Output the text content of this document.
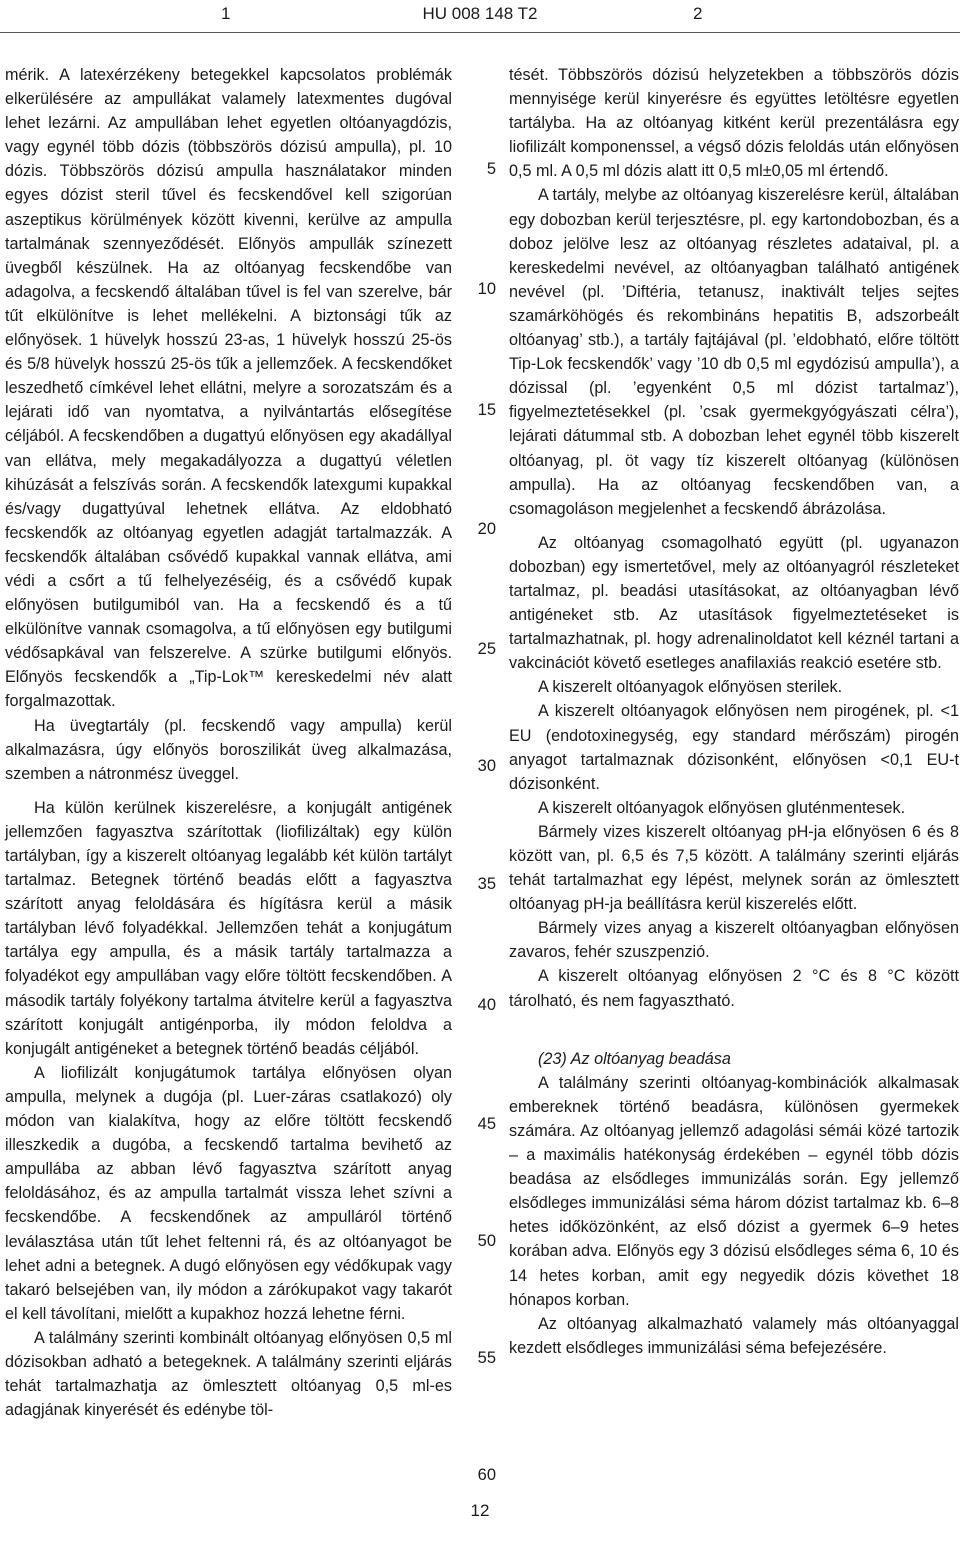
1	HU 008 148 T2	2

mérik. A latexérzékeny betegekkel kapcsolatos problémák elkerülésére az ampullákat valamely latexmentes dugóval lehet lezárni. Az ampullában lehet egyetlen oltóanyagdózis, vagy egynél több dózis (többszörös dózisú ampulla), pl. 10 dózis. Többszörös dózisú ampulla használatakor minden egyes dózist steril tűvel és fecskendővel kell szigorúan aszeptikus körülmények között kivenni, kerülve az ampulla tartalmának szennyeződését. Előnyös ampullák színezett üvegből készülnek. Ha az oltóanyag fecskendőbe van adagolva, a fecskendő általában tűvel is fel van szerelve, bár tűt elkülönítve is lehet mellékelni. A biztonsági tűk az előnyösek. 1 hüvelyk hosszú 23-as, 1 hüvelyk hosszú 25-ös és 5/8 hüvelyk hosszú 25-ös tűk a jellemzőek. A fecskendőket leszedhető címkével lehet ellátni, melyre a sorozatszám és a lejárati idő van nyomtatva, a nyilvántartás elősegítése céljából. A fecskendőben a dugattyú előnyösen egy akadállyal van ellátva, mely megakadályozza a dugattyú véletlen kihúzását a felszívás során. A fecskendők latexgumi kupakkal és/vagy dugattyúval lehetnek ellátva. Az eldobható fecskendők az oltóanyag egyetlen adagját tartalmazzák. A fecskendők általában csővédő kupakkal vannak ellátva, ami védi a csőrt a tű felhelyezéséig, és a csővédő kupak előnyösen butilgumiból van. Ha a fecskendő és a tű elkülönítve vannak csomagolva, a tű előnyösen egy butilgumi védősapkával van felszerelve. A szürke butilgumi előnyös. Előnyös fecskendők a „Tip-Lok™ kereskedelmi név alatt forgalmazottak.

Ha üvegtartály (pl. fecskendő vagy ampulla) kerül alkalmazásra, úgy előnyös boroszilikát üveg alkalmazása, szemben a nátronmész üveggel.

Ha külön kerülnek kiszerelésre, a konjugált antigének jellemzően fagyasztva szárítottak (liofilizáltak) egy külön tartályban, így a kiszerelt oltóanyag legalább két külön tartályt tartalmaz. Betegnek történő beadás előtt a fagyasztva szárított anyag feloldására és hígításra kerül a másik tartályban lévő folyadékkal. Jellemzően tehát a konjugátum tartálya egy ampulla, és a másik tartály tartalmazza a folyadékot egy ampullában vagy előre töltött fecskendőben. A második tartály folyékony tartalma átvitelre kerül a fagyasztva szárított konjugált antigénporba, ily módon feloldva a konjugált antigéneket a betegnek történő beadás céljából.

A liofilizált konjugátumok tartálya előnyösen olyan ampulla, melynek a dugója (pl. Luer-záras csatlakozó) oly módon van kialakítva, hogy az előre töltött fecskendő illeszkedik a dugóba, a fecskendő tartalma bevihető az ampullába az abban lévő fagyasztva szárított anyag feloldásához, és az ampulla tartalmát vissza lehet szívni a fecskendőbe. A fecskendőnek az ampulláról történő leválasztása után tűt lehet feltenni rá, és az oltóanyagot be lehet adni a betegnek. A dugó előnyösen egy védőkupak vagy takaró belsejében van, ily módon a zárókupakot vagy takarót el kell távolítani, mielőtt a kupakhoz hozzá lehetne férni.

A találmány szerinti kombinált oltóanyag előnyösen 0,5 ml dózisokban adható a betegeknek. A találmány szerinti eljárás tehát tartalmazhatja az ömlesztett oltóanyag 0,5 ml-es adagjának kinyerését és edénybe töl-

tését. Többszörös dózisú helyzetekben a többszörös dózis mennyisége kerül kinyerésre és együttes letöltésre egyetlen tartályba. Ha az oltóanyag kitként kerül prezentálásra egy liofilizált komponenssel, a végső dózis feloldás után előnyösen 0,5 ml. A 0,5 ml dózis alatt itt 0,5 ml±0,05 ml értendő.

A tartály, melybe az oltóanyag kiszerelésre kerül, általában egy dobozban kerül terjesztésre, pl. egy kartondobozban, és a doboz jelölve lesz az oltóanyag részletes adataival, pl. a kereskedelmi nevével, az oltóanyagban található antigének nevével (pl. ’Diftéria, tetanusz, inaktivált teljes sejtes szamárköhögés és rekombináns hepatitis B, adszorbeált oltóanyag’ stb.), a tartály fajtájával (pl. ’eldobható, előre töltött Tip-Lok fecskendők’ vagy ’10 db 0,5 ml egydózisú ampulla’), a dózissal (pl. ’egyenként 0,5 ml dózist tartalmaz’), figyelmeztetésekkel (pl. ’csak gyermekgyógyászati célra’), lejárati dátummal stb. A dobozban lehet egynél több kiszerelt oltóanyag, pl. öt vagy tíz kiszerelt oltóanyag (különösen ampulla). Ha az oltóanyag fecskendőben van, a csomagoláson megjelenhet a fecskendő ábrázolása.

Az oltóanyag csomagolható együtt (pl. ugyanazon dobozban) egy ismertetővel, mely az oltóanyagról részleteket tartalmaz, pl. beadási utasításokat, az oltóanyagban lévő antigéneket stb. Az utasítások figyelmeztetéseket is tartalmazhatnak, pl. hogy adrenalinoldatot kell kéznél tartani a vakcinációt követő esetleges anafilaxiás reakció esetére stb.

A kiszerelt oltóanyagok előnyösen sterilek.

A kiszerelt oltóanyagok előnyösen nem pirogének, pl. <1 EU (endotoxinegység, egy standard mérőszám) pirogén anyagot tartalmaznak dózisonként, előnyösen <0,1 EU-t dózisonként.

A kiszerelt oltóanyagok előnyösen gluténmentesek.

Bármely vizes kiszerelt oltóanyag pH-ja előnyösen 6 és 8 között van, pl. 6,5 és 7,5 között. A találmány szerinti eljárás tehát tartalmazhat egy lépést, melynek során az ömlesztett oltóanyag pH-ja beállításra kerül kiszerelés előtt.

Bármely vizes anyag a kiszerelt oltóanyagban előnyösen zavaros, fehér szuszpenzió.

A kiszerelt oltóanyag előnyösen 2 °C és 8 °C között tárolható, és nem fagyasztható.

(23) Az oltóanyag beadása

A találmány szerinti oltóanyag-kombinációk alkalmasak embereknek történő beadásra, különösen gyermekek számára. Az oltóanyag jellemző adagolási sémái közé tartozik – a maximális hatékonyság érdekében – egynél több dózis beadása az elsődleges immunizálás során. Egy jellemző elsődleges immunizálási séma három dózist tartalmaz kb. 6–8 hetes időközönként, az első dózist a gyermek 6–9 hetes korában adva. Előnyös egy 3 dózisú elsődleges séma 6, 10 és 14 hetes korban, amit egy negyedik dózis követhet 18 hónapos korban.

Az oltóanyag alkalmazható valamely más oltóanyaggal kezdett elsődleges immunizálási séma befejezésére.

5
10
15
20
25
30
35
40
45
50
55
60
12
